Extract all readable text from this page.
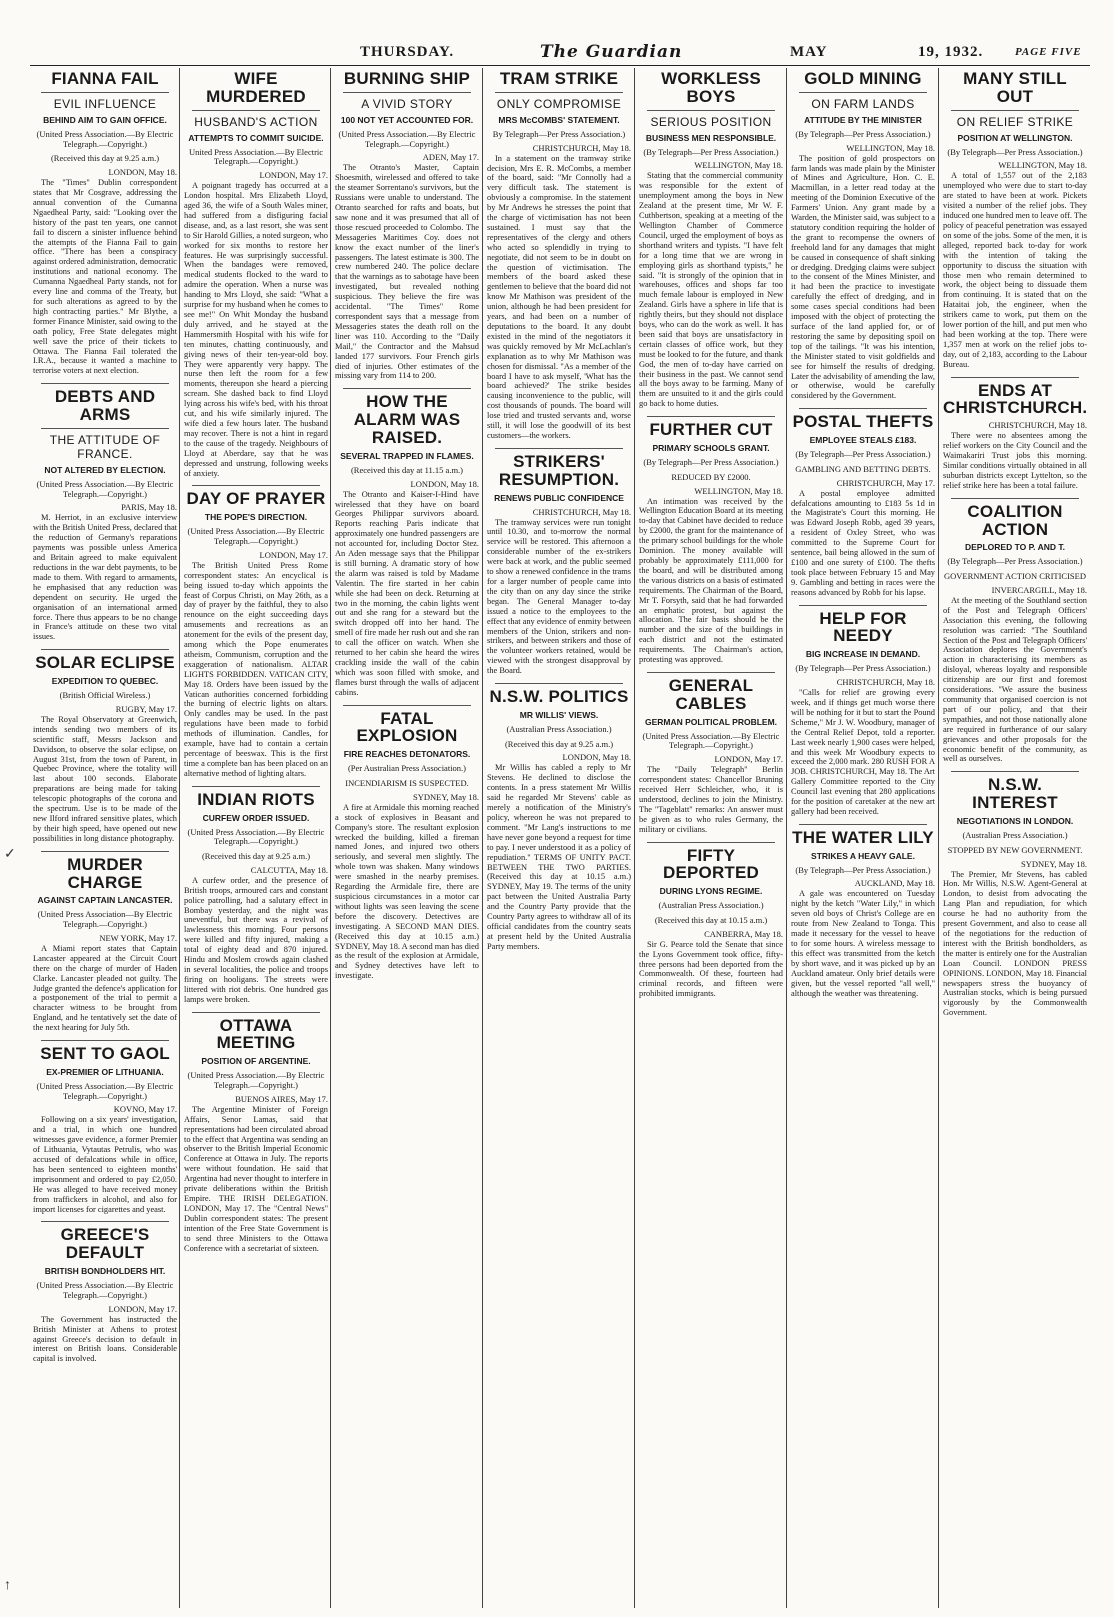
THURSDAY.	The Guardian	MAY	19, 1932.	PAGE FIVE
FIANNA FAIL
EVIL INFLUENCE
BEHIND AIM TO GAIN OFFICE.
(United Press Association.—By Electric Telegraph.—Copyright.)
(Received this day at 9.25 a.m.)
LONDON, May 18.
The "Times" Dublin correspondent states that Mr Cosgrave, addressing the annual convention of the Cumanna Ngaedheal Party, said: "Looking over the history of the past ten years, one cannot fail to discern a sinister influence behind the attempts of the Fianna Fail to gain office. "There has been a conspiracy against ordered administration, democratic institutions and national economy. The Cumanna Ngaedheal Party stands, not for every line and comma of the Treaty, but for such alterations as agreed to by the high contracting parties." Mr Blythe, a former Finance Minister, said owing to the oath policy, Free State delegates might well save the price of their tickets to Ottawa. The Fianna Fail tolerated the I.R.A., because it wanted a machine to terrorise voters at next election.
DEBTS AND ARMS
THE ATTITUDE OF FRANCE.
NOT ALTERED BY ELECTION.
(United Press Association.—By Electric Telegraph.—Copyright.)
PARIS, May 18.
M. Herriot, in an exclusive interview with the British United Press, declared that the reduction of Germany's reparations payments was possible unless America and Britain agreed to make equivalent reductions in the war debt payments, to be made to them. With regard to armaments, he emphasised that any reduction was dependent on security. He urged the organisation of an international armed force. There thus appears to be no change in France's attitude on these two vital issues.
SOLAR ECLIPSE
EXPEDITION TO QUEBEC.
(British Official Wireless.)
RUGBY, May 17.
The Royal Observatory at Greenwich, intends sending two members of its scientific staff, Messrs Jackson and Davidson, to observe the solar eclipse, on August 31st, from the town of Parent, in Quebec Province, where the totality will last about 100 seconds. Elaborate preparations are being made for taking telescopic photographs of the corona and the spectrum. Use is to be made of the new Ilford infrared sensitive plates, which by their high speed, have opened out new possibilities in long distance photography.
MURDER CHARGE
AGAINST CAPTAIN LANCASTER.
(United Press Association—By Electric Telegraph.—Copyright.)
NEW YORK, May 17.
A Miami report states that Captain Lancaster appeared at the Circuit Court there on the charge of murder of Haden Clarke. Lancaster pleaded not guilty. The Judge granted the defence's application for a postponement of the trial to permit a character witness to be brought from England, and he tentatively set the date of the next hearing for July 5th.
SENT TO GAOL
EX-PREMIER OF LITHUANIA.
(United Press Association.—By Electric Telegraph.—Copyright.)
KOVNO, May 17.
Following on a six years' investigation, and a trial, in which one hundred witnesses gave evidence, a former Premier of Lithuania, Vytautas Petrulis, who was accused of defalcations while in office, has been sentenced to eighteen months' imprisonment and ordered to pay £2,050. He was alleged to have received money from traffickers in alcohol, and also for import licenses for cigarettes and yeast.
GREECE'S DEFAULT
BRITISH BONDHOLDERS HIT.
(United Press Association.—By Electric Telegraph.—Copyright.)
LONDON, May 17.
The Government has instructed the British Minister at Athens to protest against Greece's decision to default in interest on British loans. Considerable capital is involved.
WIFE MURDERED
HUSBAND'S ACTION
ATTEMPTS TO COMMIT SUICIDE.
United Press Association.—By Electric Telegraph.—Copyright.)
LONDON, May 17.
A poignant tragedy has occurred at a London hospital. Mrs Elizabeth Lloyd, aged 36, the wife of a South Wales miner, had suffered from a disfiguring facial disease, and, as a last resort, she was sent to Sir Harold Gillies, a noted surgeon, who worked for six months to restore her features. He was surprisingly successful. When the bandages were removed, medical students flocked to the ward to admire the operation. When a nurse was handing to Mrs Lloyd, she said: "What a surprise for my husband when he comes to see me!" On Whit Monday the husband duly arrived, and he stayed at the Hammersmith Hospital with his wife for ten minutes, chatting continuously, and giving news of their ten-year-old boy. They were apparently very happy. The nurse then left the room for a few moments, thereupon she heard a piercing scream. She dashed back to find Lloyd lying across his wife's bed, with his throat cut, and his wife similarly injured. The wife died a few hours later. The husband may recover. There is not a hint in regard to the cause of the tragedy. Neighbours of Lloyd at Aberdare, say that he was depressed and unstrung, following weeks of anxiety.
DAY OF PRAYER
THE POPE'S DIRECTION.
(United Press Association.—By Electric Telegraph.—Copyright.)
LONDON, May 17.
The British United Press Rome correspondent states: An encyclical is being issued to-day which appoints the feast of Corpus Christi, on May 26th, as a day of prayer by the faithful, they to also renounce on the eight succeeding days amusements and recreations as an atonement for the evils of the present day, among which the Pope enumerates atheism, Communism, corruption and the exaggeration of nationalism. ALTAR LIGHTS FORBIDDEN. VATICAN CITY, May 18. Orders have been issued by the Vatican authorities concerned forbidding the burning of electric lights on altars. Only candles may be used. In the past regulations have been made to forbid methods of illumination. Candles, for example, have had to contain a certain percentage of beeswax. This is the first time a complete ban has been placed on an alternative method of lighting altars.
INDIAN RIOTS
CURFEW ORDER ISSUED.
(United Press Association.—By Electric Telegraph.—Copyright.)
(Received this day at 9.25 a.m.)
CALCUTTA, May 18.
A curfew order, and the presence of British troops, armoured cars and constant police patrolling, had a salutary effect in Bombay yesterday, and the night was uneventful, but there was a revival of lawlessness this morning. Four persons were killed and fifty injured, making a total of eighty dead and 870 injured. Hindu and Moslem crowds again clashed in several localities, the police and troops firing on hooligans. The streets were littered with riot debris. One hundred gas lamps were broken.
OTTAWA MEETING
POSITION OF ARGENTINE.
(United Press Association.—By Electric Telegraph.—Copyright.)
BUENOS AIRES, May 17.
The Argentine Minister of Foreign Affairs, Senor Lamas, said that representations had been circulated abroad to the effect that Argentina was sending an observer to the British Imperial Economic Conference at Ottawa in July. The reports were without foundation. He said that Argentina had never thought to interfere in private deliberations within the British Empire. THE IRISH DELEGATION. LONDON, May 17. The "Central News" Dublin correspondent states: The present intention of the Free State Government is to send three Ministers to the Ottawa Conference with a secretariat of sixteen.
BURNING SHIP
A VIVID STORY
100 NOT YET ACCOUNTED FOR.
(United Press Association.—By Electric Telegraph.—Copyright.)
ADEN, May 17.
The Otranto's Master, Captain Shoesmith, wirelessed and offered to take the steamer Sorrentano's survivors, but the Russians were unable to understand. The Otranto searched for rafts and boats, but saw none and it was presumed that all of those rescued proceeded to Colombo. The Messageries Maritimes Coy. does not know the exact number of the liner's passengers. The latest estimate is 300. The crew numbered 240. The police declare that the warnings as to sabotage have been investigated, but revealed nothing suspicious. They believe the fire was accidental. "The Times" Rome correspondent says that a message from Messageries states the death roll on the liner was 110. According to the "Daily Mail," the Contractor and the Mahsud landed 177 survivors. Four French girls died of injuries. Other estimates of the missing vary from 114 to 200.
HOW THE ALARM WAS RAISED.
SEVERAL TRAPPED IN FLAMES.
(Received this day at 11.15 a.m.)
LONDON, May 18.
The Otranto and Kaiser-I-Hind have wirelessed that they have on board Georges Philippar survivors aboard. Reports reaching Paris indicate that approximately one hundred passengers are not accounted for, including Doctor Stez. An Aden message says that the Philippar is still burning. A dramatic story of how the alarm was raised is told by Madame Valentin. The fire started in her cabin while she had been on deck. Returning at two in the morning, the cabin lights went out and she rang for a steward but the switch dropped off into her hand. The smell of fire made her rush out and she ran to call the officer on watch. When she returned to her cabin she heard the wires crackling inside the wall of the cabin which was soon filled with smoke, and flames burst through the walls of adjacent cabins.
FATAL EXPLOSION
FIRE REACHES DETONATORS.
(Per Australian Press Association.)
INCENDIARISM IS SUSPECTED.
SYDNEY, May 18.
A fire at Armidale this morning reached a stock of explosives in Beasant and Company's store. The resultant explosion wrecked the building, killed a fireman named Jones, and injured two others seriously, and several men slightly. The whole town was shaken. Many windows were smashed in the nearby premises. Regarding the Armidale fire, there are suspicious circumstances in a motor car without lights was seen leaving the scene before the discovery. Detectives are investigating. A SECOND MAN DIES. (Received this day at 10.15 a.m.) SYDNEY, May 18. A second man has died as the result of the explosion at Armidale, and Sydney detectives have left to investigate.
TRAM STRIKE
ONLY COMPROMISE
MRS McCOMBS' STATEMENT.
By Telegraph—Per Press Association.)
CHRISTCHURCH, May 18.
In a statement on the tramway strike decision, Mrs E. R. McCombs, a member of the board, said: "Mr Connolly had a very difficult task. The statement is obviously a compromise. In the statement by Mr Andrews he stresses the point that the charge of victimisation has not been sustained. I must say that the representatives of the clergy and others who acted so splendidly in trying to negotiate, did not seem to be in doubt on the question of victimisation. The members of the board asked these gentlemen to believe that the board did not know Mr Mathison was president of the union, although he had been president for years, and had been on a number of deputations to the board. It any doubt existed in the mind of the negotiators it was quickly removed by Mr McLachlan's explanation as to why Mr Mathison was chosen for dismissal. "As a member of the board I have to ask myself, 'What has the board achieved?' The strike besides causing inconvenience to the public, will cost thousands of pounds. The board will lose tried and trusted servants and, worse still, it will lose the goodwill of its best customers—the workers.
STRIKERS' RESUMPTION.
RENEWS PUBLIC CONFIDENCE
CHRISTCHURCH, May 18.
The tramway services were run tonight until 10.30, and to-morrow the normal service will be restored. This afternoon a considerable number of the ex-strikers were back at work, and the public seemed to show a renewed confidence in the trams for a larger number of people came into the city than on any day since the strike began. The General Manager to-day issued a notice to the employees to the effect that any evidence of enmity between members of the Union, strikers and non-strikers, and between strikers and those of the volunteer workers retained, would be viewed with the strongest disapproval by the Board.
N.S.W. POLITICS
MR WILLIS' VIEWS.
(Australian Press Association.)
(Received this day at 9.25 a.m.)
LONDON, May 18.
Mr Willis has cabled a reply to Mr Stevens. He declined to disclose the contents. In a press statement Mr Willis said he regarded Mr Stevens' cable as merely a notification of the Ministry's policy, whereon he was not prepared to comment. "Mr Lang's instructions to me have never gone beyond a request for time to pay. I never understood it as a policy of repudiation." TERMS OF UNITY PACT. BETWEEN THE TWO PARTIES. (Received this day at 10.15 a.m.) SYDNEY, May 19. The terms of the unity pact between the United Australia Party and the Country Party provide that the Country Party agrees to withdraw all of its official candidates from the country seats at present held by the United Australia Party members.
WORKLESS BOYS
SERIOUS POSITION
BUSINESS MEN RESPONSIBLE.
(By Telegraph—Per Press Association.)
WELLINGTON, May 18.
Stating that the commercial community was responsible for the extent of unemployment among the boys in New Zealand at the present time, Mr W. F. Cuthbertson, speaking at a meeting of the Wellington Chamber of Commerce Council, urged the employment of boys as shorthand writers and typists. "I have felt for a long time that we are wrong in employing girls as shorthand typists," he said. "It is strongly of the opinion that in warehouses, offices and shops far too much female labour is employed in New Zealand. Girls have a sphere in life that is rightly theirs, but they should not displace boys, who can do the work as well. It has been said that boys are unsatisfactory in certain classes of office work, but they must be looked to for the future, and thank God, the men of to-day have carried on their business in the past. We cannot send all the boys away to be farming. Many of them are unsuited to it and the girls could go back to home duties.
FURTHER CUT
PRIMARY SCHOOLS GRANT.
(By Telegraph—Per Press Association.)
REDUCED BY £2000.
WELLINGTON, May 18.
An intimation was received by the Wellington Education Board at its meeting to-day that Cabinet have decided to reduce by £2000, the grant for the maintenance of the primary school buildings for the whole Dominion. The money available will probably be approximately £111,000 for the board, and will be distributed among the various districts on a basis of estimated requirements. The Chairman of the Board, Mr T. Forsyth, said that he had forwarded an emphatic protest, but against the allocation. The fair basis should be the number and the size of the buildings in each district and not the estimated requirements. The Chairman's action, protesting was approved.
GENERAL CABLES
GERMAN POLITICAL PROBLEM.
(United Press Association.—By Electric Telegraph.—Copyright.)
LONDON, May 17.
The "Daily Telegraph" Berlin correspondent states: Chancellor Bruning received Herr Schleicher, who, it is understood, declines to join the Ministry. The "Tageblatt" remarks: An answer must be given as to who rules Germany, the military or civilians.
FIFTY DEPORTED
DURING LYONS REGIME.
(Australian Press Association.)
(Received this day at 10.15 a.m.)
CANBERRA, May 18.
Sir G. Pearce told the Senate that since the Lyons Government took office, fifty-three persons had been deported from the Commonwealth. Of these, fourteen had criminal records, and fifteen were prohibited immigrants.
GOLD MINING
ON FARM LANDS
ATTITUDE BY THE MINISTER
(By Telegraph—Per Press Association.)
WELLINGTON, May 18.
The position of gold prospectors on farm lands was made plain by the Minister of Mines and Agriculture, Hon. C. E. Macmillan, in a letter read today at the meeting of the Dominion Executive of the Farmers' Union. Any grant made by a Warden, the Minister said, was subject to a statutory condition requiring the holder of the grant to recompense the owners of freehold land for any damages that might be caused in consequence of shaft sinking or dredging. Dredging claims were subject to the consent of the Mines Minister, and it had been the practice to investigate carefully the effect of dredging, and in some cases special conditions had been imposed with the object of protecting the surface of the land applied for, or of restoring the same by depositing spoil on top of the tailings. "It was his intention, the Minister stated to visit goldfields and see for himself the results of dredging. Later the advisability of amending the law, or otherwise, would be carefully considered by the Government.
POSTAL THEFTS
EMPLOYEE STEALS £183.
(By Telegraph—Per Press Association.)
GAMBLING AND BETTING DEBTS.
CHRISTCHURCH, May 17.
A postal employee admitted defalcations amounting to £183 5s 1d in the Magistrate's Court this morning. He was Edward Joseph Robb, aged 39 years, a resident of Oxley Street, who was committed to the Supreme Court for sentence, bail being allowed in the sum of £100 and one surety of £100. The thefts took place between February 15 and May 9. Gambling and betting in races were the reasons advanced by Robb for his lapse.
HELP FOR NEEDY
BIG INCREASE IN DEMAND.
(By Telegraph—Per Press Association.)
CHRISTCHURCH, May 18.
"Calls for relief are growing every week, and if things get much worse there will be nothing for it but to start the Pound Scheme," Mr J. W. Woodbury, manager of the Central Relief Depot, told a reporter. Last week nearly 1,900 cases were helped, and this week Mr Woodbury expects to exceed the 2,000 mark. 280 RUSH FOR A JOB. CHRISTCHURCH, May 18. The Art Gallery Committee reported to the City Council last evening that 280 applications for the position of caretaker at the new art gallery had been received.
THE WATER LILY
STRIKES A HEAVY GALE.
(By Telegraph—Per Press Association.)
AUCKLAND, May 18.
A gale was encountered on Tuesday night by the ketch "Water Lily," in which seven old boys of Christ's College are en route from New Zealand to Tonga. This made it necessary for the vessel to heave to for some hours. A wireless message to this effect was transmitted from the ketch by short wave, and it was picked up by an Auckland amateur. Only brief details were given, but the vessel reported "all well," although the weather was threatening.
MANY STILL OUT
ON RELIEF STRIKE
POSITION AT WELLINGTON.
(By Telegraph—Per Press Association.)
WELLINGTON, May 18.
A total of 1,557 out of the 2,183 unemployed who were due to start to-day are stated to have been at work. Pickets visited a number of the relief jobs. They induced one hundred men to leave off. The policy of peaceful penetration was essayed on some of the jobs. Some of the men, it is alleged, reported back to-day for work with the intention of taking the opportunity to discuss the situation with those men who remain determined to work, the object being to dissuade them from continuing. It is stated that on the Hataitai job, the engineer, when the strikers came to work, put them on the lower portion of the hill, and put men who had been working at the top. There were 1,357 men at work on the relief jobs to-day, out of 2,183, according to the Labour Bureau.
ENDS AT CHRISTCHURCH.
CHRISTCHURCH, May 18.
There were no absentees among the relief workers on the City Council and the Waimakariri Trust jobs this morning. Similar conditions virtually obtained in all suburban districts except Lyttelton, so the relief strike here has been a total failure.
COALITION ACTION
DEPLORED TO P. AND T.
(By Telegraph—Per Press Association.)
GOVERNMENT ACTION CRITICISED
INVERCARGILL, May 18.
At the meeting of the Southland section of the Post and Telegraph Officers' Association this evening, the following resolution was carried: "The Southland Section of the Post and Telegraph Officers' Association deplores the Government's action in characterising its members as disloyal, whereas loyalty and responsible citizenship are our first and foremost considerations. "We assure the business community that organised coercion is not part of our policy, and that their sympathies, and not those nationally alone are required in furtherance of our salary grievances and other proposals for the economic benefit of the community, as well as ourselves.
N.S.W. INTEREST
NEGOTIATIONS IN LONDON.
(Australian Press Association.)
STOPPED BY NEW GOVERNMENT.
SYDNEY, May 18.
The Premier, Mr Stevens, has cabled Hon. Mr Willis, N.S.W. Agent-General at London, to desist from advocating the Lang Plan and repudiation, for which course he had no authority from the present Government, and also to cease all of the negotiations for the reduction of interest with the British bondholders, as the matter is entirely one for the Australian Loan Council. LONDON PRESS OPINIONS. LONDON, May 18. Financial newspapers stress the buoyancy of Australian stocks, which is being pursued vigorously by the Commonwealth Government.
✓
↑
